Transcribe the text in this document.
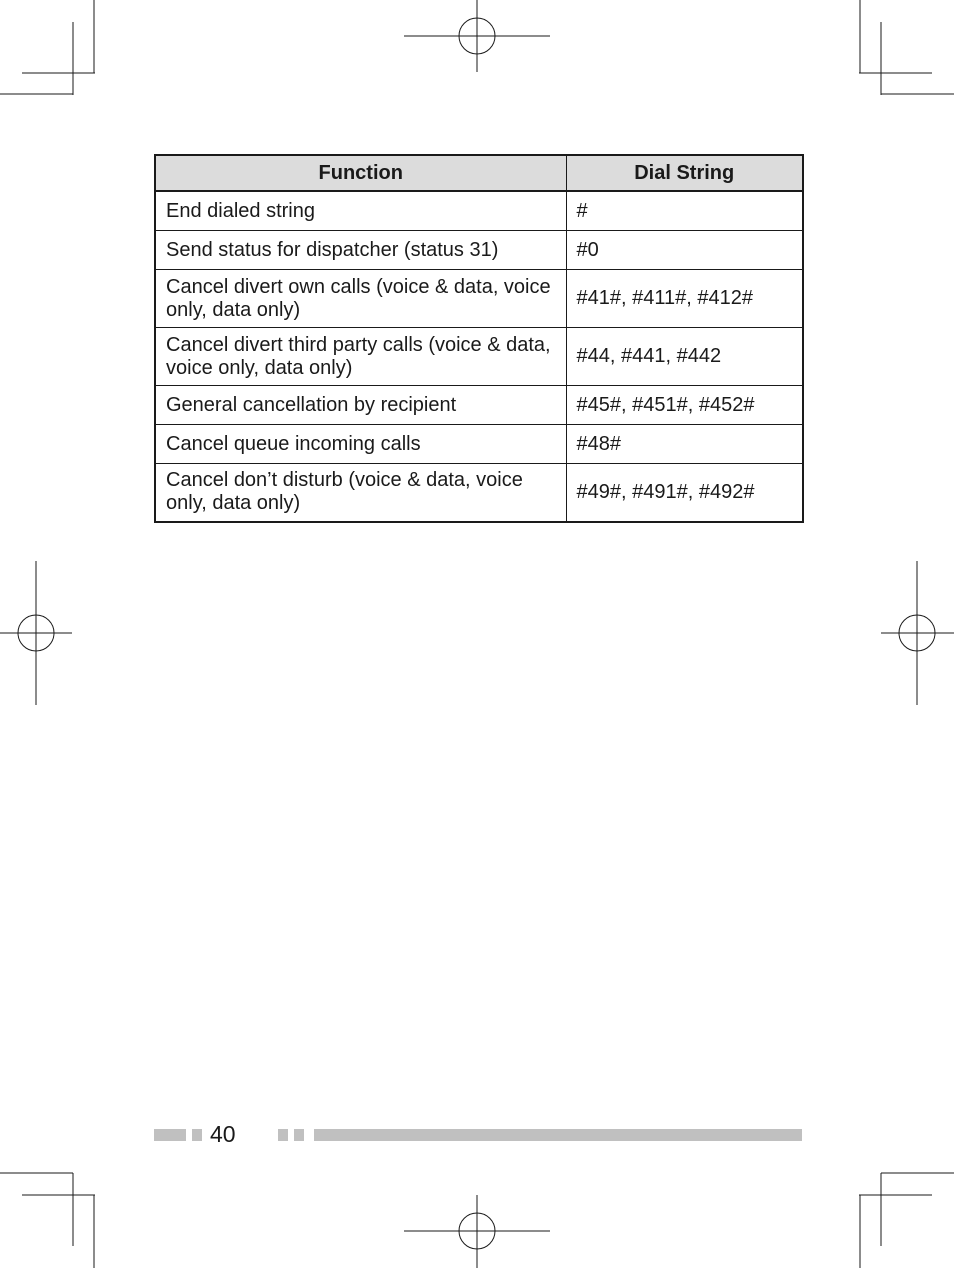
Function	Dial String
End dialed string	#
Send status for dispatcher (status 31)	#0
Cancel divert own calls (voice & data, voice only, data only)	#41#, #411#, #412#
Cancel divert third party calls (voice & data, voice only, data only)	#44, #441, #442
General cancellation by recipient	#45#, #451#, #452#
Cancel queue incoming calls	#48#
Cancel don’t disturb (voice & data, voice only, data only)	#49#, #491#, #492#
40
